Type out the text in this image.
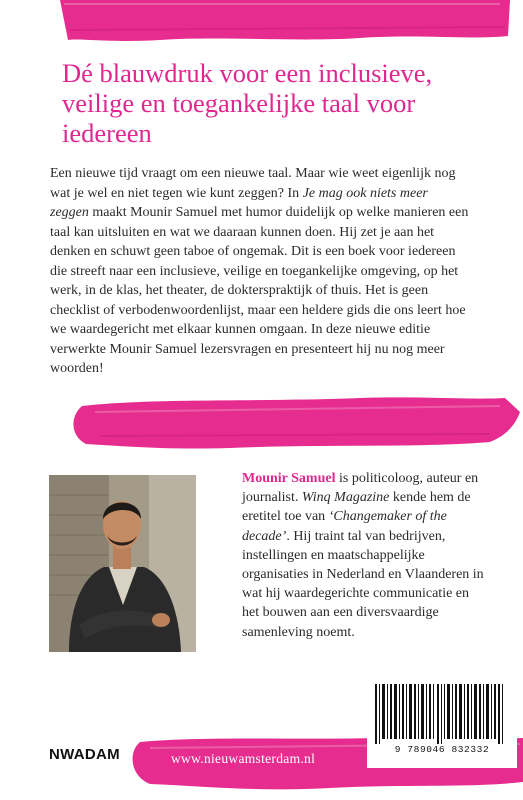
Dé blauwdruk voor een inclusieve, veilige en toegankelijke taal voor iedereen

Een nieuwe tijd vraagt om een nieuwe taal. Maar wie weet eigenlijk nog wat je wel en niet tegen wie kunt zeggen? In Je mag ook niets meer zeggen maakt Mounir Samuel met humor duidelijk op welke manieren een taal kan uitsluiten en wat we daaraan kunnen doen. Hij zet je aan het denken en schuwt geen taboe of ongemak. Dit is een boek voor iedereen die streeft naar een inclusieve, veilige en toegankelijke omgeving, op het werk, in de klas, het theater, de dokterspraktijk of thuis. Het is geen checklist of verbodenwoordenlijst, maar een heldere gids die ons leert hoe we waardegericht met elkaar kunnen omgaan. In deze nieuwe editie verwerkte Mounir Samuel lezersvragen en presenteert hij nu nog meer woorden!

Mounir Samuel is politicoloog, auteur en journalist. Winq Magazine kende hem de eretitel toe van ‘Changemaker of the decade’. Hij traint tal van bedrijven, instellingen en maatschappelijke organisaties in Nederland en Vlaanderen in wat hij waardegerichte communicatie en het bouwen aan een diversvaardige samenleving noemt.

9 789046 832332
NWADAM	www.nieuwamsterdam.nl
